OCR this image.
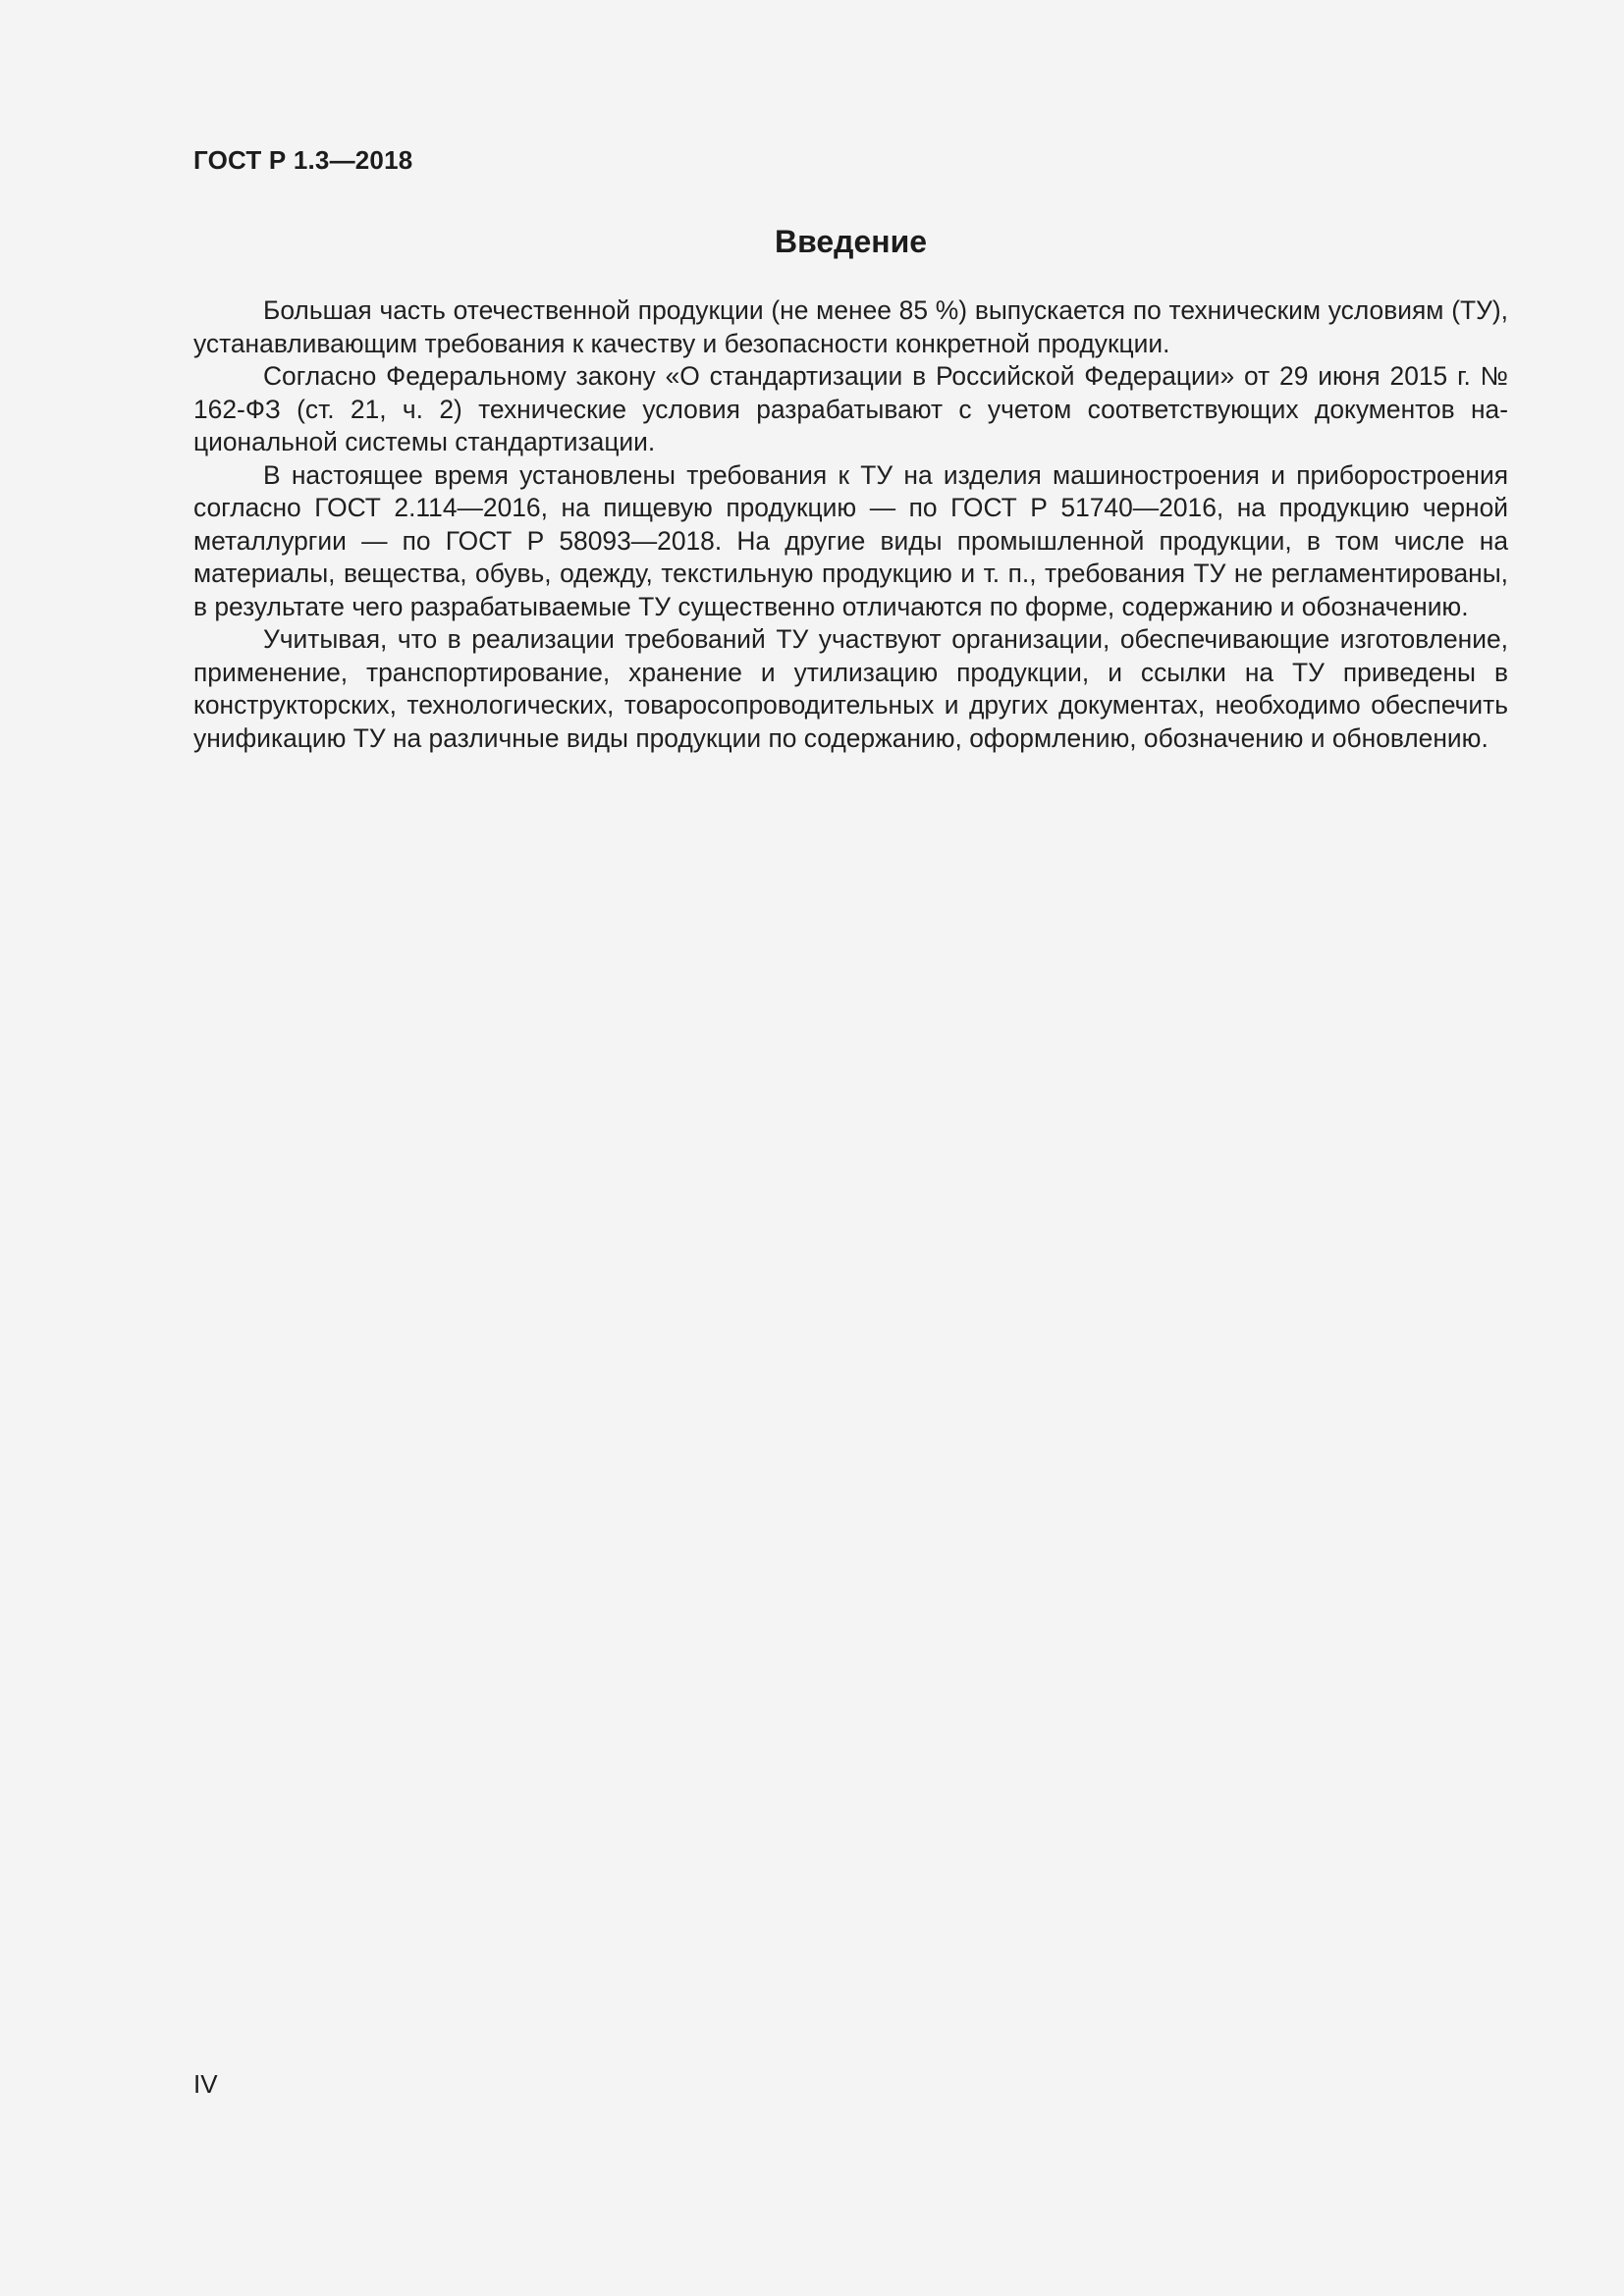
ГОСТ Р 1.3—2018
Введение

Большая часть отечественной продукции (не менее 85 %) выпускается по техническим условиям (ТУ), устанавливающим требования к качеству и безопасности конкретной продукции.

Согласно Федеральному закону «О стандартизации в Российской Федерации» от 29 июня 2015 г. № 162-ФЗ (ст. 21, ч. 2) технические условия разрабатывают с учетом соответствующих документов национальной системы стандартизации.

В настоящее время установлены требования к ТУ на изделия машиностроения и приборостроения согласно ГОСТ 2.114—2016, на пищевую продукцию — по ГОСТ Р 51740—2016, на продукцию черной металлургии — по ГОСТ Р 58093—2018. На другие виды промышленной продукции, в том числе на материалы, вещества, обувь, одежду, текстильную продукцию и т. п., требования ТУ не регламентированы, в результате чего разрабатываемые ТУ существенно отличаются по форме, содержанию и обозначению.

Учитывая, что в реализации требований ТУ участвуют организации, обеспечивающие изготовление, применение, транспортирование, хранение и утилизацию продукции, и ссылки на ТУ приведены в конструкторских, технологических, товаросопроводительных и других документах, необходимо обеспечить унификацию ТУ на различные виды продукции по содержанию, оформлению, обозначению и обновлению.

IV
